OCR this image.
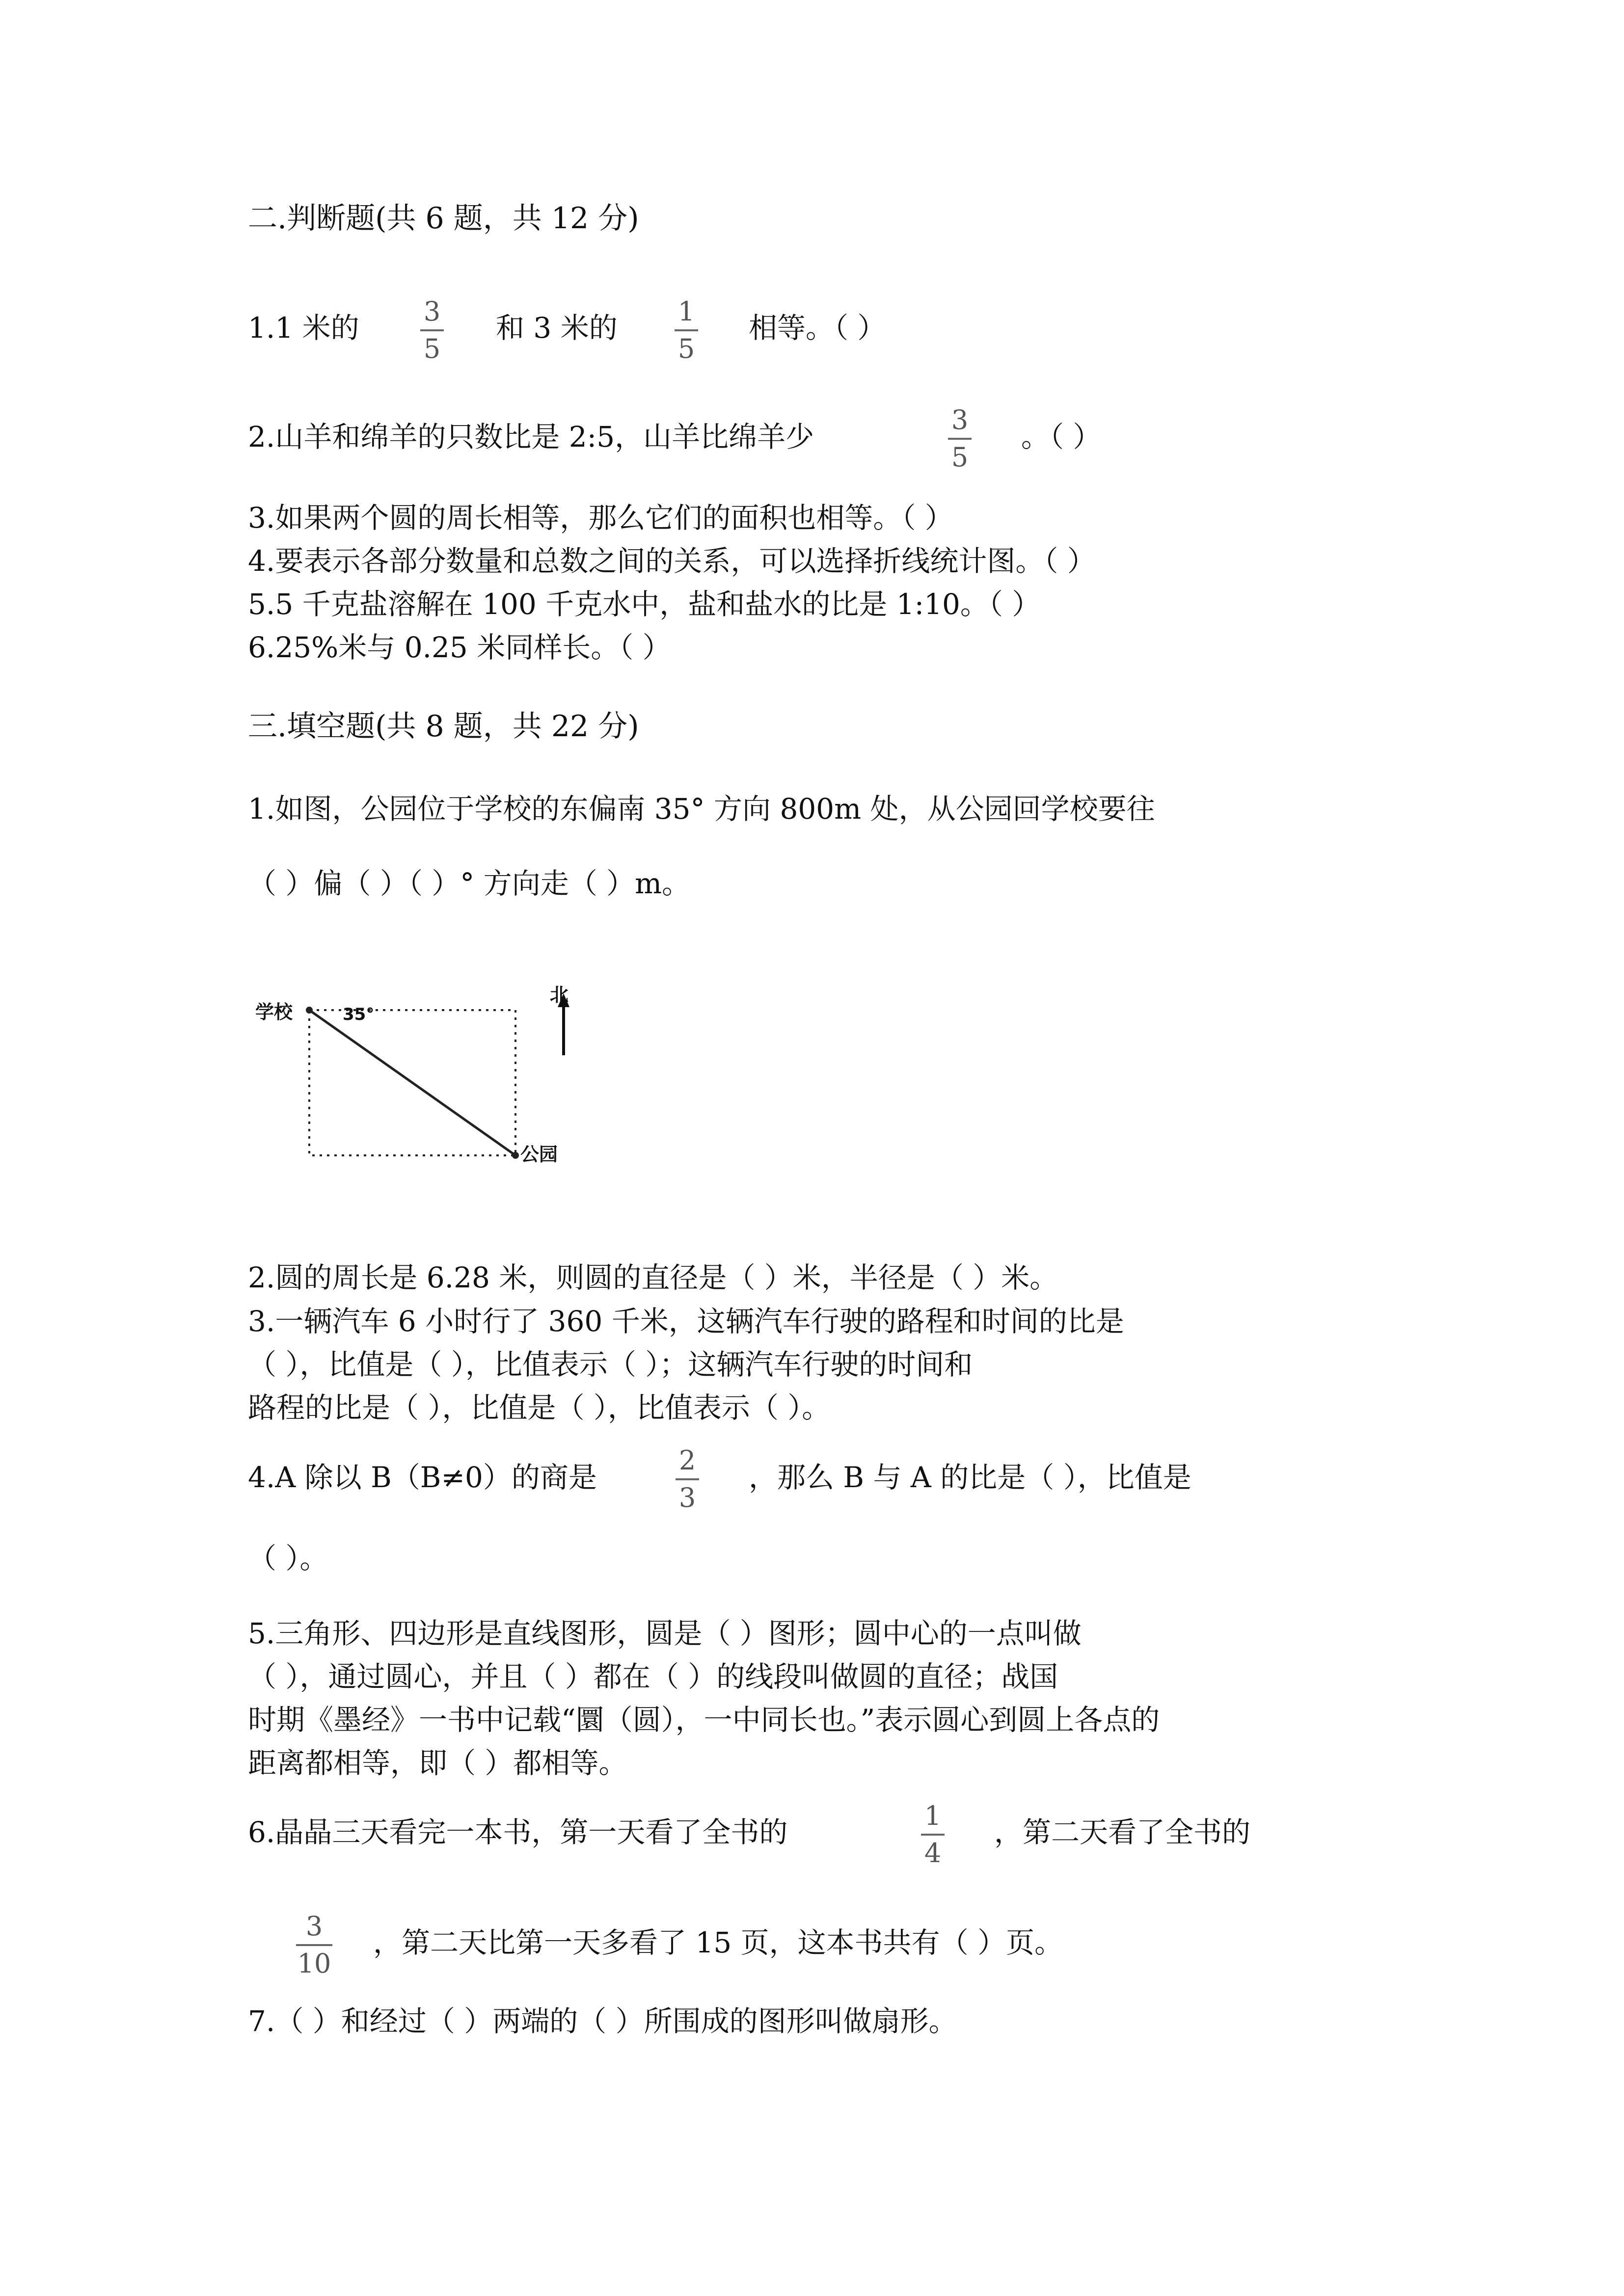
二.判断题(共 6 题，共 12 分)
1.1 米的 3
5
和 3 米的 1
5
相等。（ ）
2.山羊和绵羊的只数比是 2:5，山羊比绵羊少
3
5
。（ ）
3.如果两个圆的周长相等，那么它们的面积也相等。（ ）
4.要表示各部分数量和总数之间的关系，可以选择折线统计图。（ ）
5.5 千克盐溶解在 100 千克水中，盐和盐水的比是 1:10。（ ）
6.25%米与 0.25 米同样长。（ ）
三.填空题(共 8 题，共 22 分)
1.如图，公园位于学校的东偏南 35° 方向 800m 处，从公园回学校要往
（ ）偏（ ）（ ）° 方向走（ ）m。
学校	35°
北
公园
2.圆的周长是 6.28 米，则圆的直径是（ ）米，半径是（ ）米。
3.一辆汽车 6 小时行了 360 千米，这辆汽车行驶的路程和时间的比是
（ ），比值是（ ），比值表示（ ）；这辆汽车行驶的时间和
路程的比是（ ），比值是（ ），比值表示（ ）。
4.A 除以 B（B≠0）的商是
2
3
，那么 B 与 A 的比是（ ），比值是
（ ）。
5.三角形、四边形是直线图形，圆是（ ）图形；圆中心的一点叫做
（ ），通过圆心，并且（ ）都在（ ）的线段叫做圆的直径；战国
时期《墨经》一书中记载“圜（圆），一中同长也。”表示圆心到圆上各点的
距离都相等，即（ ）都相等。
6.晶晶三天看完一本书，第一天看了全书的	1
4
，第二天看了全书的
3
10
，第二天比第一天多看了 15 页，这本书共有（ ）页。
7.（ ）和经过（ ）两端的（ ）所围成的图形叫做扇形。
